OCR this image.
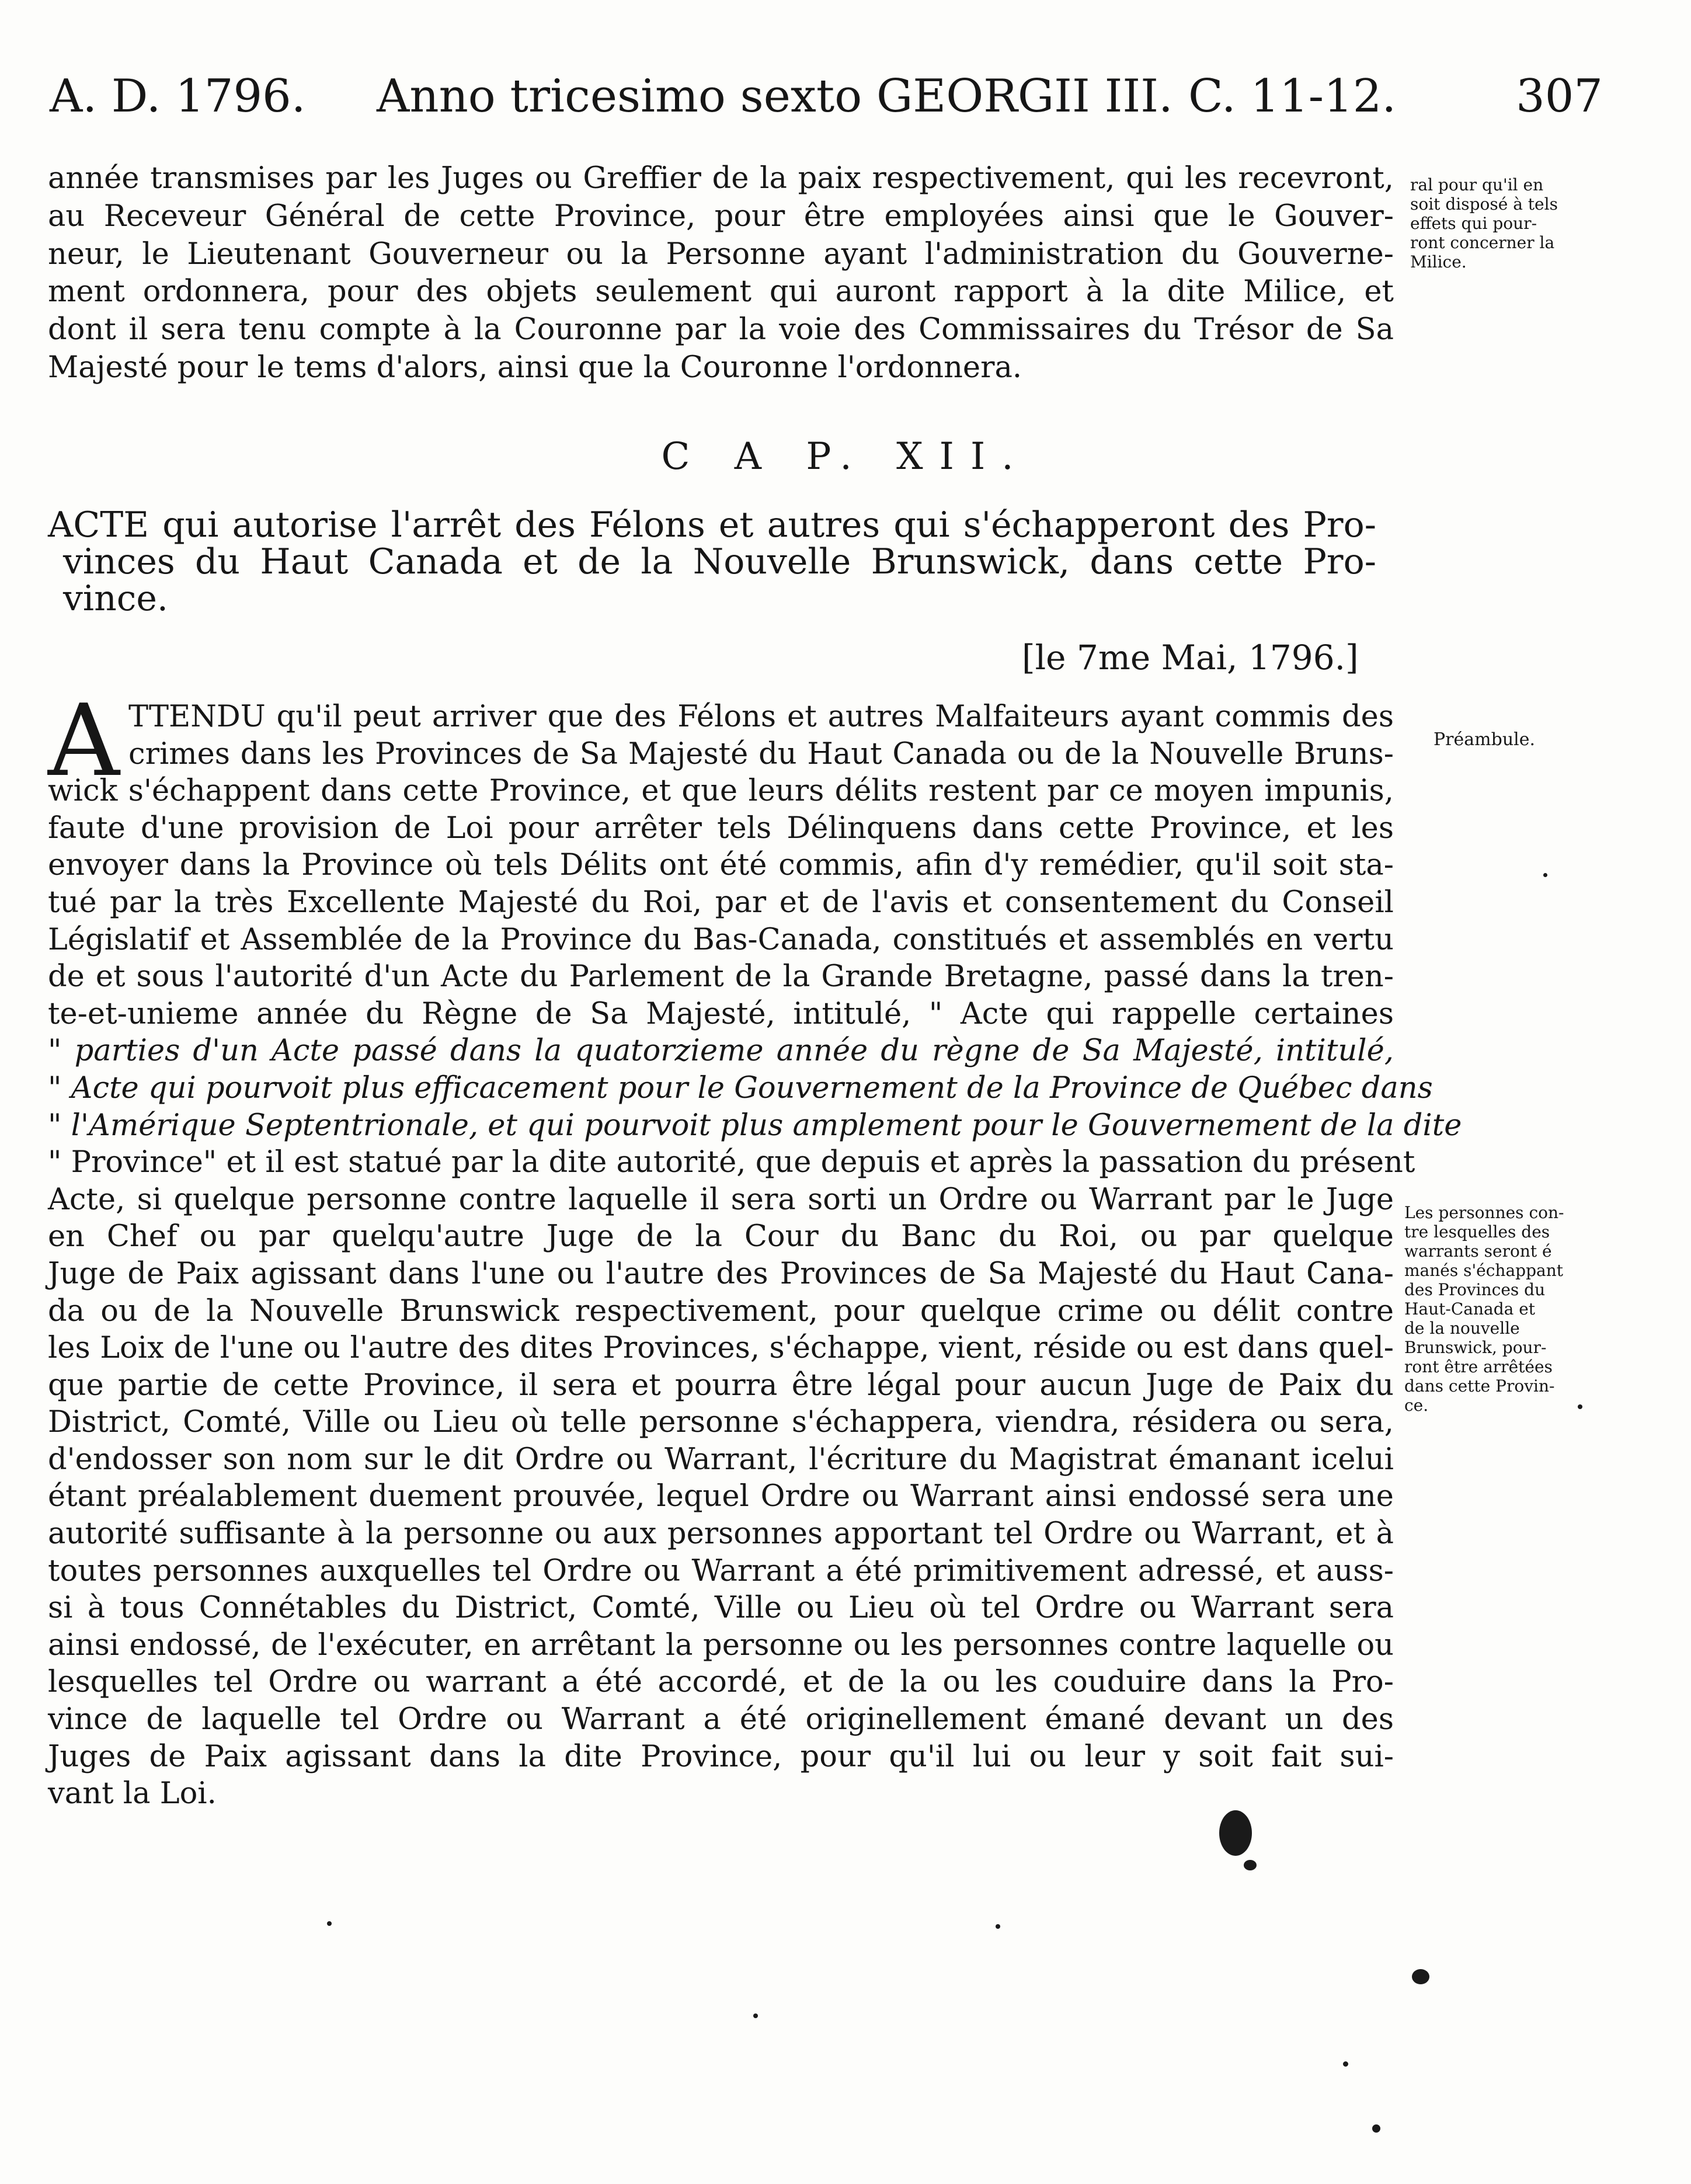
A. D. 1796. Anno tricesimo sexto GEORGII III. C. 11-12.	307
année transmises par les Juges ou Greffier de la paix respectivement, qui les recevront,
au Receveur Général de cette Province, pour être employées ainsi que le Gouver-
neur, le Lieutenant Gouverneur ou la Personne ayant l'administration du Gouverne-
ment ordonnera, pour des objets seulement qui auront rapport à la dite Milice, et
dont il sera tenu compte à la Couronne par la voie des Commissaires du Trésor de Sa
Majesté pour le tems d'alors, ainsi que la Couronne l'ordonnera.
ral pour qu'il en
soit disposé à tels
effets qui pour-
ront concerner la
Milice.
C A P. XII.
ACTE qui autorise l'arrêt des Félons et autres qui s'échapperont des Pro-
vinces du Haut Canada et de la Nouvelle Brunswick, dans cette Pro-
vince.
[le 7me Mai, 1796.]
Préambule.
A TTENDU qu'il peut arriver que des Félons et autres Malfaiteurs ayant commis des
crimes dans les Provinces de Sa Majesté du Haut Canada ou de la Nouvelle Bruns-
wick s'échappent dans cette Province, et que leurs délits restent par ce moyen impunis,
faute d'une provision de Loi pour arrêter tels Délinquens dans cette Province, et les
envoyer dans la Province où tels Délits ont été commis, afin d'y remédier, qu'il soit sta-
tué par la très Excellente Majesté du Roi, par et de l'avis et consentement du Conseil
Législatif et Assemblée de la Province du Bas-Canada, constitués et assemblés en vertu
de et sous l'autorité d'un Acte du Parlement de la Grande Bretagne, passé dans la tren-
te-et-unieme année du Règne de Sa Majesté, intitulé, " Acte qui rappelle certaines
" parties d'un Acte passé dans la quatorzieme année du règne de Sa Majesté, intitulé,
" Acte qui pourvoit plus efficacement pour le Gouvernement de la Province de Québec dans
" l'Amérique Septentrionale, et qui pourvoit plus amplement pour le Gouvernement de la dite
" Province" et il est statué par la dite autorité, que depuis et après la passation du présent
Acte, si quelque personne contre laquelle il sera sorti un Ordre ou Warrant par le Juge
en Chef ou par quelqu'autre Juge de la Cour du Banc du Roi, ou par quelque
Juge de Paix agissant dans l'une ou l'autre des Provinces de Sa Majesté du Haut Cana-
da ou de la Nouvelle Brunswick respectivement, pour quelque crime ou délit contre
les Loix de l'une ou l'autre des dites Provinces, s'échappe, vient, réside ou est dans quel-
que partie de cette Province, il sera et pourra être légal pour aucun Juge de Paix du
District, Comté, Ville ou Lieu où telle personne s'échappera, viendra, résidera ou sera,
d'endosser son nom sur le dit Ordre ou Warrant, l'écriture du Magistrat émanant icelui
étant préalablement duement prouvée, lequel Ordre ou Warrant ainsi endossé sera une
autorité suffisante à la personne ou aux personnes apportant tel Ordre ou Warrant, et à
toutes personnes auxquelles tel Ordre ou Warrant a été primitivement adressé, et auss-
si à tous Connétables du District, Comté, Ville ou Lieu où tel Ordre ou Warrant sera
ainsi endossé, de l'exécuter, en arrêtant la personne ou les personnes contre laquelle ou
lesquelles tel Ordre ou warrant a été accordé, et de la ou les couduire dans la Pro-
vince de laquelle tel Ordre ou Warrant a été originellement émané devant un des
Juges de Paix agissant dans la dite Province, pour qu'il lui ou leur y soit fait sui-
vant la Loi.
Les personnes con-
tre lesquelles des
warrants seront é
manés s'échappant
des Provinces du
Haut-Canada et
de la nouvelle
Brunswick, pour-
ront être arrêtées
dans cette Provin-
ce.
